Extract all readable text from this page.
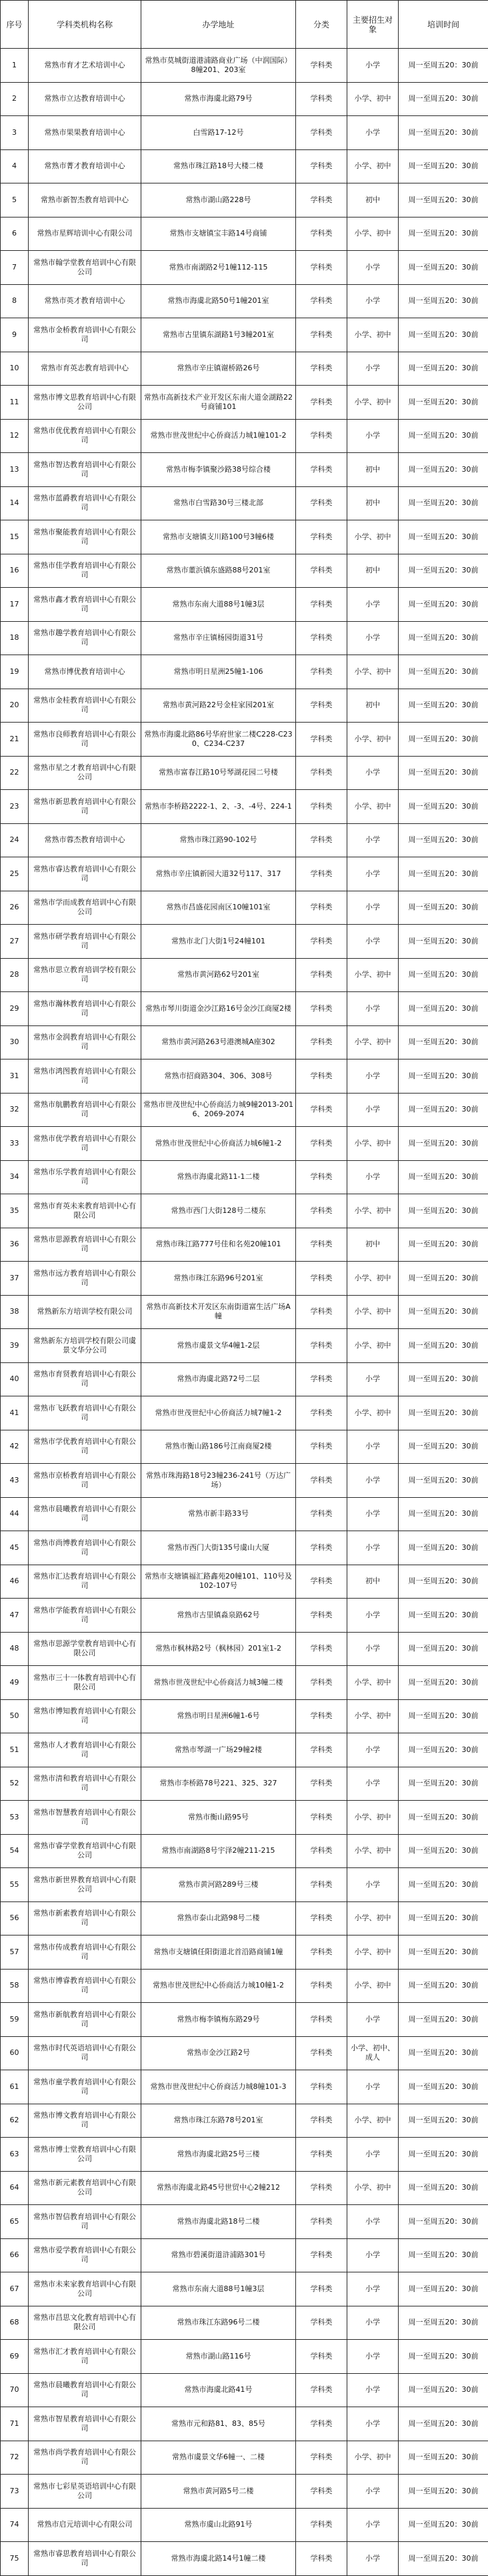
序号	学科类机构名称	办学地址	分类	主要招生对象	培训时间
1	常熟市育才艺术培训中心	常熟市莫城街道港浦路商业广场（中润国际）8幢201、203室	学科类	小学	周一至周五20：30前
2	常熟市立达教育培训中心	常熟市海虞北路79号	学科类	小学、初中	周一至周五20：30前
3	常熟市果果教育培训中心	白雪路17-12号	学科类	小学	周一至周五20：30前
4	常熟市菁才教育培训中心	常熟市珠江路18号大楼二楼	学科类	小学、初中	周一至周五20：30前
5	常熟市新智杰教育培训中心	常熟市湖山路228号	学科类	初中	周一至周五20：30前
6	常熟市星辉培训中心有限公司	常熟市支塘镇宝丰路14号商铺	学科类	小学、初中	周一至周五20：30前
7	常熟市翰学堂教育培训中心有限公司	常熟市南湖路2号1幢112-115	学科类	小学	周一至周五20：30前
8	常熟市英才教育培训中心	常熟市海虞北路50号1幢201室	学科类	小学	周一至周五20：30前
9	常熟市金桥教育培训中心有限公司	常熟市古里镇东湖路1号3幢201室	学科类	小学、初中	周一至周五20：30前
10	常熟市育英志教育培训中心	常熟市辛庄镇谢桥路26号	学科类	小学	周一至周五20：30前
11	常熟市博文思教育培训中心有限公司	常熟市高新技术产业开发区东南大道金湖路22号商铺101	学科类	小学、初中	周一至周五20：30前
12	常熟市优优教育培训中心有限公司	常熟市世茂世纪中心侨商活力城1幢101-2	学科类	小学	周一至周五20：30前
13	常熟市智达教育培训中心有限公司	常熟市梅李镇聚沙路38号综合楼	学科类	初中	周一至周五20：30前
14	常熟市蓝爵教育培训中心有限公司	常熟市白雪路30号三楼北部	学科类	初中	周一至周五20：30前
15	常熟市聚能教育培训中心有限公司	常熟市支塘镇支川路100号3幢6楼	学科类	小学、初中	周一至周五20：30前
16	常熟市佳学教育培训中心有限公司	常熟市董浜镇东盛路88号201室	学科类	初中	周一至周五20：30前
17	常熟市鑫才教育培训中心有限公司	常熟市东南大道88号1幢3层	学科类	小学	周一至周五20：30前
18	常熟市趣学教育培训中心有限公司	常熟市辛庄镇杨园街道31号	学科类	小学	周一至周五20：30前
19	常熟市博优教育培训中心	常熟市明日星洲25幢1-106	学科类	小学、初中	周一至周五20：30前
20	常熟市金桂教育培训中心有限公司	常熟市黄河路22号金桂家园201室	学科类	初中	周一至周五20：30前
21	常熟市良师教育培训中心有限公司	常熟市海虞北路86号华府世家二楼C228-C230、C234-C237	学科类	小学、初中	周一至周五20：30前
22	常熟市星之才教育培训中心有限公司	常熟市富春江路10号琴湖花园二号楼	学科类	小学	周一至周五20：30前
23	常熟市新思教育培训中心有限公司	常熟市李桥路2222-1、2、-3、-4号、224-1	学科类	小学、初中	周一至周五20：30前
24	常熟市蓉杰教育培训中心	常熟市珠江路90-102号	学科类	小学	周一至周五20：30前
25	常熟市睿达教育培训中心有限公司	常熟市辛庄镇新园大道32号117、317	学科类	小学	周一至周五20：30前
26	常熟市学而成教育培训中心有限公司	常熟市昌盛花园南区10幢101室	学科类	小学	周一至周五20：30前
27	常熟市研学教育培训中心有限公司	常熟市北门大街1号24幢101	学科类	小学	周一至周五20：30前
28	常熟市思立教育培训学校有限公司	常熟市黄河路62号201室	学科类	小学、初中	周一至周五20：30前
29	常熟市瀚林教育培训中心有限公司	常熟市琴川街道金沙江路16号金沙江商厦2楼	学科类	小学	周一至周五20：30前
30	常熟市金润教育培训中心有限公司	常熟市黄河路263号港澳城A座302	学科类	小学、初中	周一至周五20：30前
31	常熟市鸿图教育培训中心有限公司	常熟市招商路304、306、308号	学科类	小学	周一至周五20：30前
32	常熟市航鹏教育培训中心有限公司	常熟市世茂世纪中心侨商活力城9幢2013-2016、2069-2074	学科类	小学	周一至周五20：30前
33	常熟市优学教育培训中心有限公司	常熟市世茂世纪中心侨商活力城6幢1-2	学科类	小学、初中	周一至周五20：30前
34	常熟市乐学教育培训中心有限公司	常熟市海虞北路11-1二楼	学科类	小学	周一至周五20：30前
35	常熟市育英未来教育培训中心有限公司	常熟市西门大街128号二楼东	学科类	小学、初中	周一至周五20：30前
36	常熟市思源教育培训中心有限公司	常熟市珠江路777号佳和名苑20幢101	学科类	初中	周一至周五20：30前
37	常熟市远方教育培训中心有限公司	常熟市珠江东路96号201室	学科类	小学、初中	周一至周五20：30前
38	常熟新东方培训学校有限公司	常熟市高新技术开发区东南街道富生活广场A幢	学科类	小学、初中	周一至周五20：30前
39	常熟新东方培训学校有限公司虞景文华分公司	常熟市虞景文华4幢1-2层	学科类	小学、初中	周一至周五20：30前
40	常熟市育贤教育培训中心有限公司	常熟市海虞北路72号二层	学科类	小学	周一至周五20：30前
41	常熟市飞跃教育培训中心有限公司	常熟市世茂世纪中心侨商活力城7幢1-2	学科类	小学、初中	周一至周五20：30前
42	常熟市学优教育培训中心有限公司	常熟市衡山路186号江南商厦2楼	学科类	小学	周一至周五20：30前
43	常熟市京桥教育培训中心有限公司	常熟市珠海路18号23幢236-241号（万达广场）	学科类	小学	周一至周五20：30前
44	常熟市晨曦教育培训中心有限公司	常熟市新丰路33号	学科类	小学	周一至周五20：30前
45	常熟市尚博教育培训中心有限公司	常熟市西门大街135号虞山大厦	学科类	小学	周一至周五20：30前
46	常熟市汇达教育培训中心有限公司	常熟市支塘镇福汇路鑫苑20幢101、110号及102-107号	学科类	初中	周一至周五20：30前
47	常熟市学能教育培训中心有限公司	常熟市古里镇淼泉路62号	学科类	小学	周一至周五20：30前
48	常熟市思源学堂教育培训中心有限公司	常熟市枫林路2号（枫林园）201室1-2	学科类	小学	周一至周五20：30前
49	常熟市三十一体教育培训中心有限公司	常熟市世茂世纪中心侨商活力城3幢二楼	学科类	小学、初中	周一至周五20：30前
50	常熟市博知教育培训中心有限公司	常熟市明日星洲6幢1-6号	学科类	小学、初中	周一至周五20：30前
51	常熟市人才教育培训中心有限公司	常熟市琴湖一广场29幢2楼	学科类	小学	周一至周五20：30前
52	常熟市清和教育培训中心有限公司	常熟市李桥路78号221、325、327	学科类	小学	周一至周五20：30前
53	常熟市智慧教育培训中心有限公司	常熟市衡山路95号	学科类	小学、初中	周一至周五20：30前
54	常熟市睿学堂教育培训中心有限公司	常熟市南湖路8号宇泽2幢211-215	学科类	小学、初中	周一至周五20：30前
55	常熟市新世界教育培训中心有限公司	常熟市黄河路289号三楼	学科类	小学	周一至周五20：30前
56	常熟市新素教育培训中心有限公司	常熟市泰山北路98号二楼	学科类	小学、初中	周一至周五20：30前
57	常熟市传成教育培训中心有限公司	常熟市支塘镇任阳街道北首沿路商铺1幢	学科类	小学、初中	周一至周五20：30前
58	常熟市博睿教育培训中心有限公司	常熟市世茂世纪中心侨商活力城10幢1-2	学科类	小学、初中	周一至周五20：30前
59	常熟市新航教育培训中心有限公司	常熟市梅李镇梅东路29号	学科类	小学	周一至周五20：30前
60	常熟市时代英语培训中心有限公司	常熟市金沙江路2号	学科类	小学、初中、成人	周一至周五20：30前
61	常熟市童学教育培训中心有限公司	常熟市世茂世纪中心侨商活力城8幢101-3	学科类	小学	周一至周五20：30前
62	常熟市博文教育培训中心有限公司	常熟市珠江东路78号201室	学科类	小学、初中	周一至周五20：30前
63	常熟市博士堂教育培训中心有限公司	常熟市海虞北路25号三楼	学科类	小学	周一至周五20：30前
64	常熟市新元素教育培训中心有限公司	常熟市海虞北路45号世贸中心2幢212	学科类	小学、初中	周一至周五20：30前
65	常熟市智信教育培训中心有限公司	常熟市海虞北路18号二楼	学科类	小学	周一至周五20：30前
66	常熟市爱学教育培训中心有限公司	常熟市碧溪街道浒浦路301号	学科类	小学	周一至周五20：30前
67	常熟市未来家教育培训中心有限公司	常熟市东南大道88号1幢3层	学科类	小学	周一至周五20：30前
68	常熟市昌思文化教育培训中心有限公司	常熟市珠江东路96号二楼	学科类	小学	周一至周五20：30前
69	常熟市汇才教育培训中心有限公司	常熟市湖山路116号	学科类	小学	周一至周五20：30前
70	常熟市晨曦教育培训中心有限公司	常熟市海虞北路41号	学科类	小学	周一至周五20：30前
71	常熟市智星教育培训中心有限公司	常熟市元和路81、83、85号	学科类	小学	周一至周五20：30前
72	常熟市尚学教育培训中心有限公司	常熟市虞景文华6幢一、二楼	学科类	小学、初中	周一至周五20：30前
73	常熟市七彩星英语培训中心有限公司	常熟市黄河路5号二楼	学科类	小学	周一至周五20：30前
74	常熟市启元培训中心有限公司	常熟市虞山北路91号	学科类	小学	周一至周五20：30前
75	常熟市睿思教育培训中心有限公司	常熟市海虞北路14号1幢二楼	学科类	小学	周一至周五20：30前
